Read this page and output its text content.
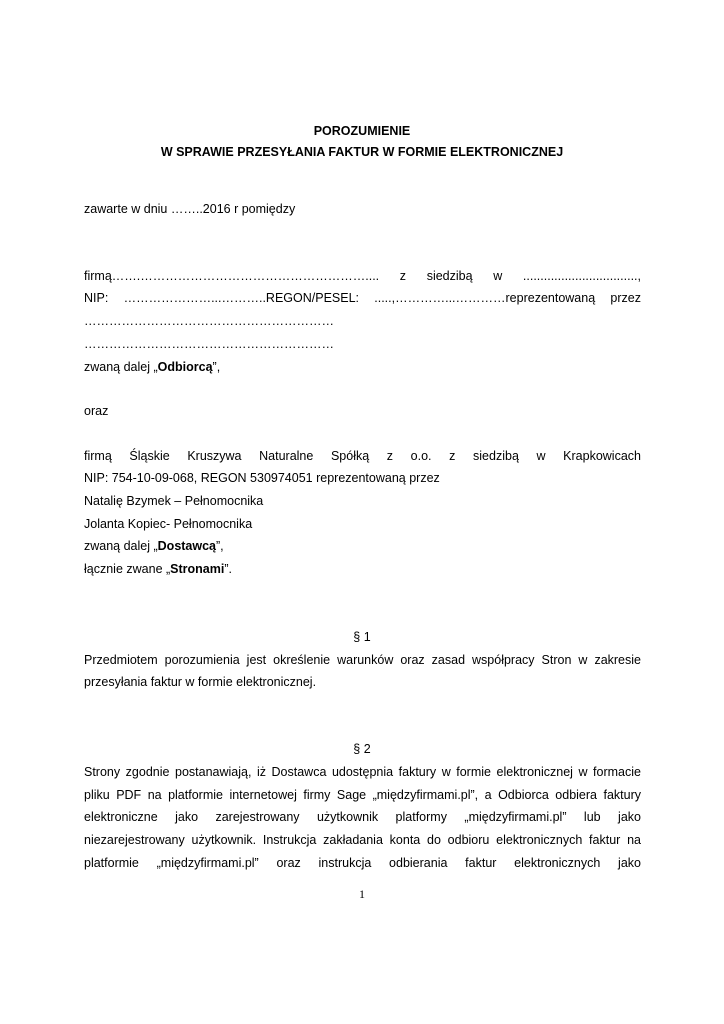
POROZUMIENIE
W SPRAWIE PRZESYŁANIA FAKTUR W FORMIE ELEKTRONICZNEJ
zawarte w dniu ……..2016 r pomiędzy
firmą…….……………………………………………….... z siedzibą w .................................,
NIP: …………………...………..REGON/PESEL: .....,…………...…………reprezentowaną przez
……………………………………………………
……………………………………………………
zwaną dalej „Odbiorcą”,
oraz
firmą Śląskie Kruszywa Naturalne Spółką z o.o. z siedzibą w Krapkowicach
NIP: 754-10-09-068, REGON 530974051 reprezentowaną przez
Natalię Bzymek – Pełnomocnika
Jolanta Kopiec- Pełnomocnika
zwaną dalej „Dostawcą”,
łącznie zwane „Stronami”.
§ 1
Przedmiotem porozumienia jest określenie warunków oraz zasad współpracy Stron w zakresie
przesyłania faktur w formie elektronicznej.
§ 2
Strony zgodnie postanawiają, iż Dostawca udostępnia faktury w formie elektronicznej w formacie
pliku PDF na platformie internetowej firmy Sage „międzyfirmami.pl”, a Odbiorca odbiera faktury
elektroniczne jako zarejestrowany użytkownik platformy „międzyfirmami.pl” lub jako
niezarejestrowany użytkownik. Instrukcja zakładania konta do odbioru elektronicznych faktur na
platformie „międzyfirmami.pl” oraz instrukcja odbierania faktur elektronicznych jako
1
